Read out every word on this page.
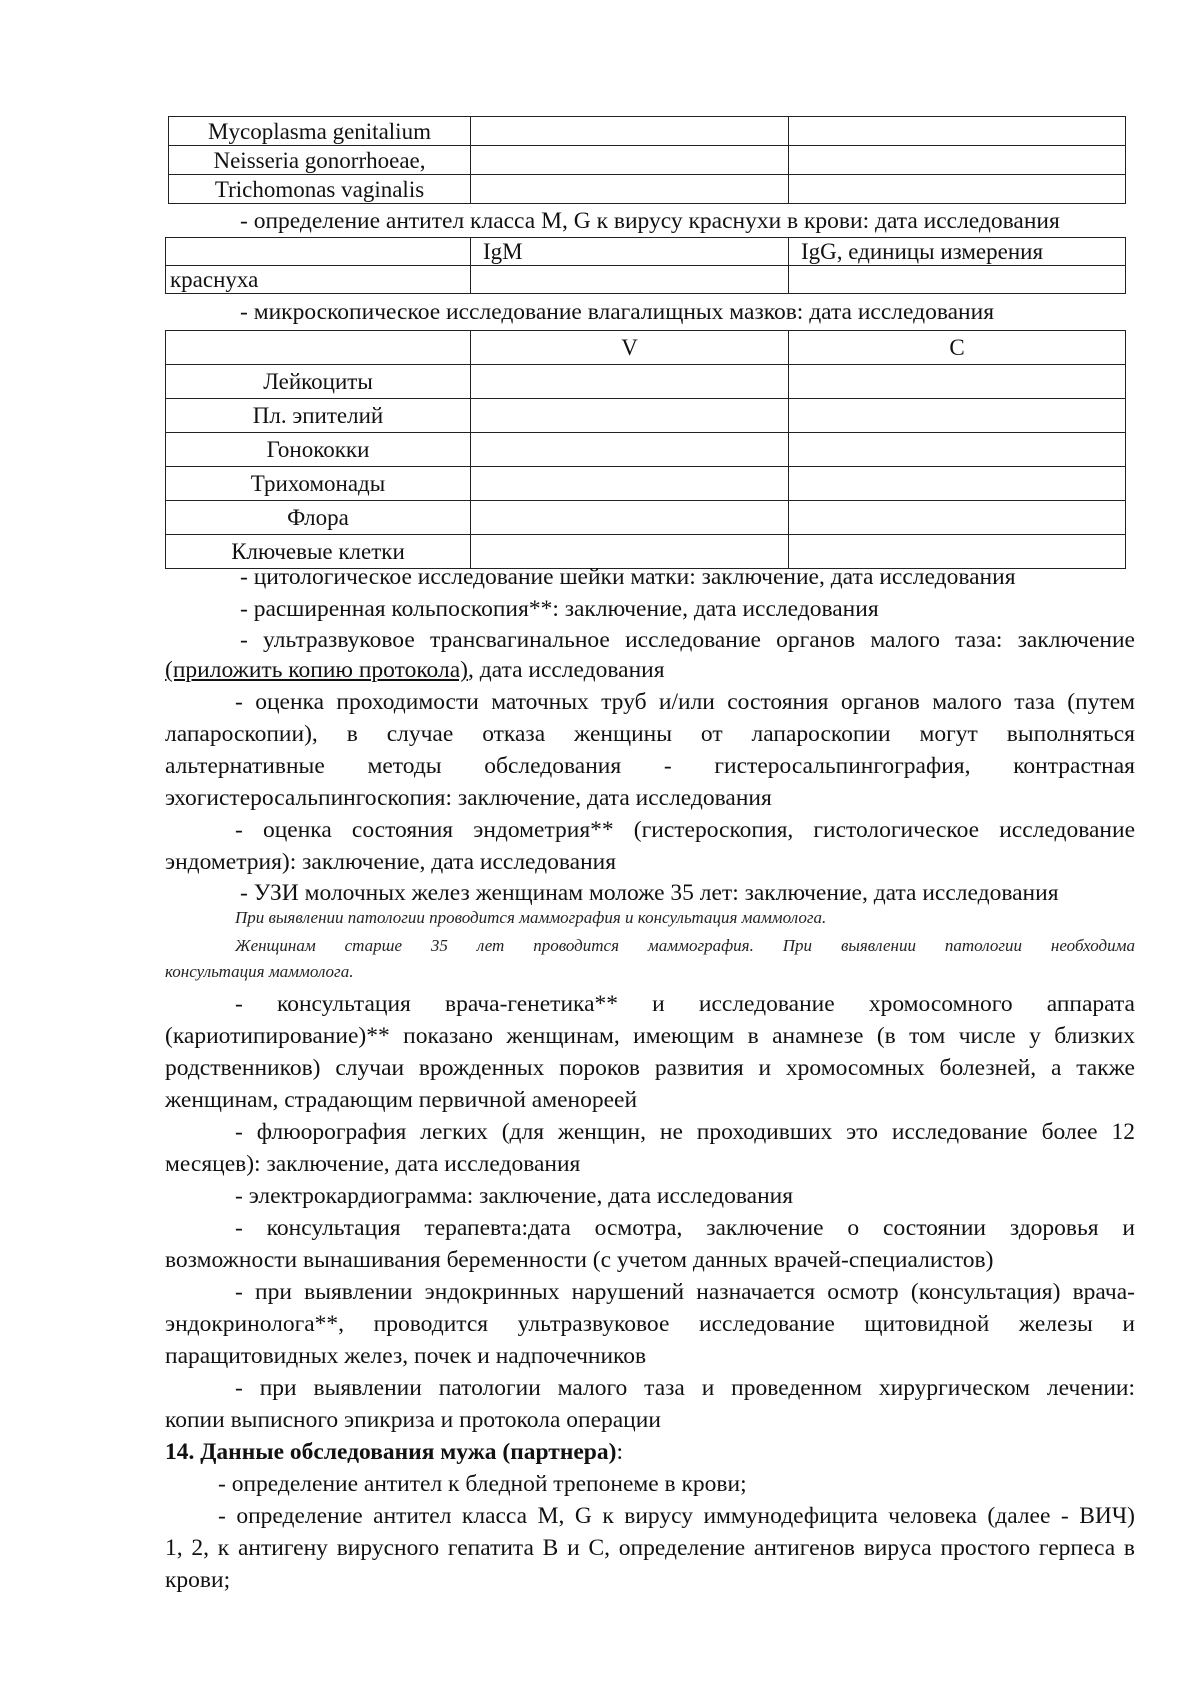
Mycoplasma genitalium		
Neisseria gonorrhoeae,		
Trichomonas vaginalis		
- определение антител класса М, G к вирусу краснухи в крови: дата исследования
	IgM	IgG, единицы измерения
краснуха		
- микроскопическое исследование влагалищных мазков: дата исследования
	V	C
Лейкоциты		
Пл. эпителий		
Гонококки		
Трихомонады		
Флора		
Ключевые клетки		
- цитологическое исследование шейки матки: заключение, дата исследования
- расширенная кольпоскопия**: заключение, дата исследования
- ультразвуковое трансвагинальное исследование органов малого таза: заключение
(приложить копию протокола), дата исследования
- оценка проходимости маточных труб и/или состояния органов малого таза (путем
лапароскопии), в случае отказа женщины от лапароскопии могут выполняться
альтернативные методы обследования - гистеросальпингография, контрастная
эхогистеросальпингоскопия: заключение, дата исследования
- оценка состояния эндометрия** (гистероскопия, гистологическое исследование
эндометрия): заключение, дата исследования
- УЗИ молочных желез женщинам моложе 35 лет: заключение, дата исследования
При выявлении патологии проводится маммография и консультация маммолога.
Женщинам старше 35 лет проводится маммография. При выявлении патологии необходима
консультация маммолога.
- консультация врача-генетика** и исследование хромосомного аппарата
(кариотипирование)** показано женщинам, имеющим в анамнезе (в том числе у близких
родственников) случаи врожденных пороков развития и хромосомных болезней, а также
женщинам, страдающим первичной аменореей
- флюорография легких (для женщин, не проходивших это исследование более 12
месяцев): заключение, дата исследования
- электрокардиограмма: заключение, дата исследования
- консультация терапевта:дата осмотра, заключение о состоянии здоровья и
возможности вынашивания беременности (с учетом данных врачей-специалистов)
- при выявлении эндокринных нарушений назначается осмотр (консультация) врача-
эндокринолога**, проводится ультразвуковое исследование щитовидной железы и
паращитовидных желез, почек и надпочечников
- при выявлении патологии малого таза и проведенном хирургическом лечении:
копии выписного эпикриза и протокола операции
14. Данные обследования мужа (партнера):
- определение антител к бледной трепонеме в крови;
- определение антител класса М, G к вирусу иммунодефицита человека (далее - ВИЧ)
1, 2, к антигену вирусного гепатита В и С, определение антигенов вируса простого герпеса в
крови;
